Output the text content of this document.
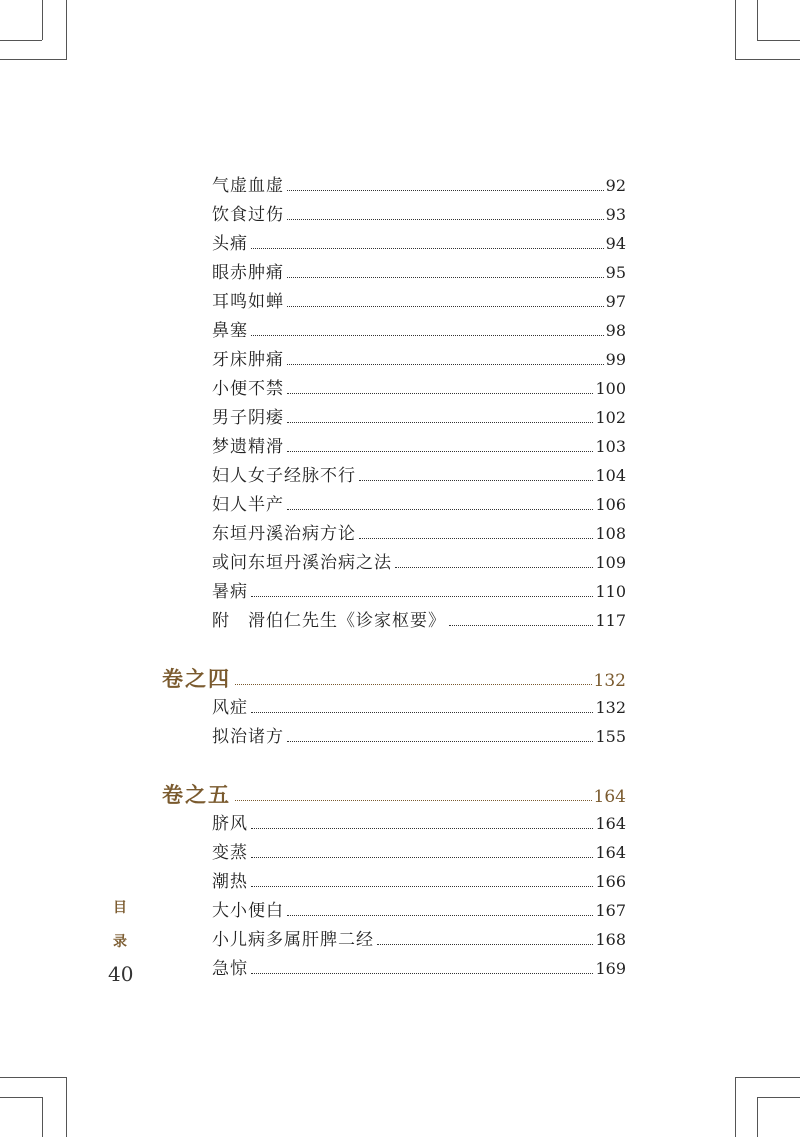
气虚血虚	92
饮食过伤	93
头痛	94
眼赤肿痛	95
耳鸣如蝉	97
鼻塞	98
牙床肿痛	99
小便不禁	100
男子阴痿	102
梦遗精滑	103
妇人女子经脉不行	104
妇人半产	106
东垣丹溪治病方论	108
或问东垣丹溪治病之法	109
暑病	110
附　滑伯仁先生《诊家枢要》	117
卷之四	132
风症	132
拟治诸方	155
卷之五	164
脐风	164
变蒸	164
潮热	166
大小便白	167
小儿病多属肝脾二经	168
急惊	169
目
录
40
